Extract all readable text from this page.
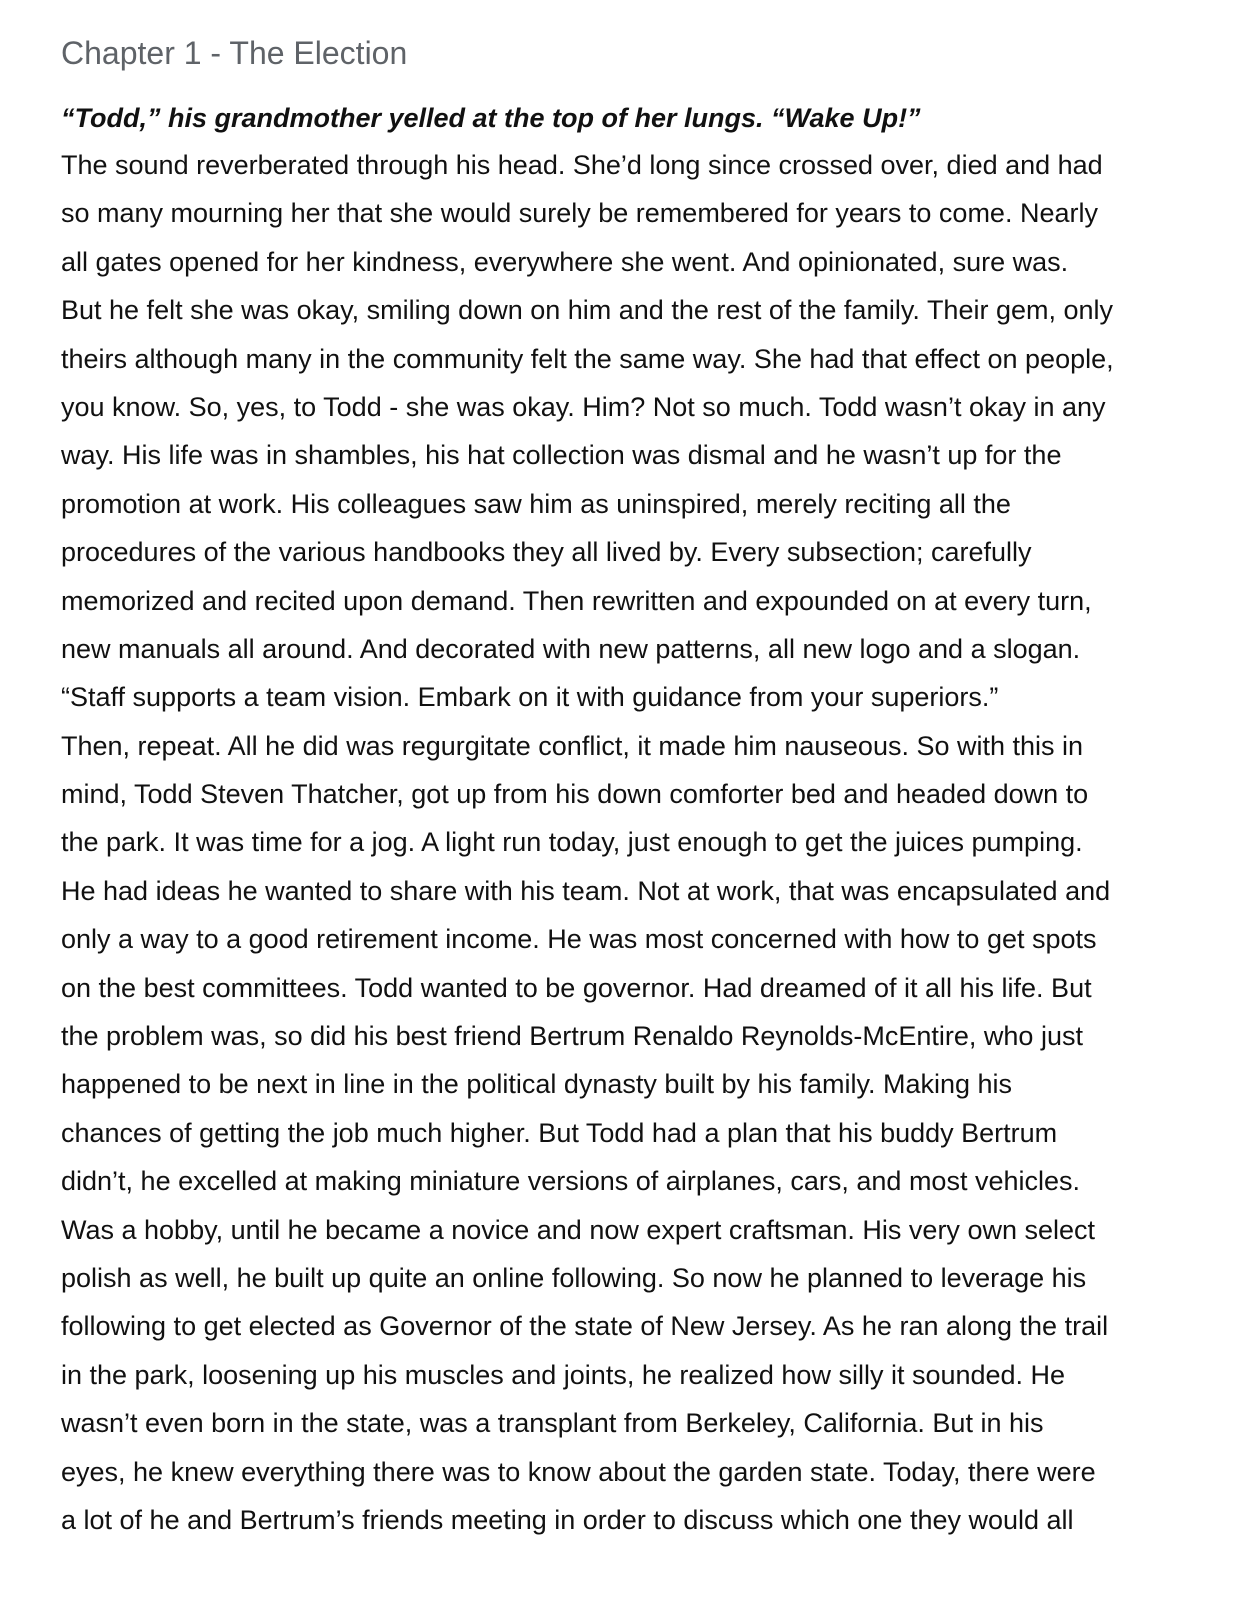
Chapter 1 - The Election

“Todd,” his grandmother yelled at the top of her lungs. “Wake Up!”

The sound reverberated through his head. She’d long since crossed over, died and had
so many mourning her that she would surely be remembered for years to come. Nearly
all gates opened for her kindness, everywhere she went. And opinionated, sure was.
But he felt she was okay, smiling down on him and the rest of the family. Their gem, only
theirs although many in the community felt the same way. She had that effect on people,
you know. So, yes, to Todd - she was okay. Him? Not so much. Todd wasn’t okay in any
way. His life was in shambles, his hat collection was dismal and he wasn’t up for the
promotion at work. His colleagues saw him as uninspired, merely reciting all the
procedures of the various handbooks they all lived by. Every subsection; carefully
memorized and recited upon demand. Then rewritten and expounded on at every turn,
new manuals all around. And decorated with new patterns, all new logo and a slogan.
“Staff supports a team vision. Embark on it with guidance from your superiors.”
Then, repeat. All he did was regurgitate conflict, it made him nauseous. So with this in
mind, Todd Steven Thatcher, got up from his down comforter bed and headed down to
the park. It was time for a jog. A light run today, just enough to get the juices pumping.
He had ideas he wanted to share with his team. Not at work, that was encapsulated and
only a way to a good retirement income. He was most concerned with how to get spots
on the best committees. Todd wanted to be governor. Had dreamed of it all his life. But
the problem was, so did his best friend Bertrum Renaldo Reynolds-McEntire, who just
happened to be next in line in the political dynasty built by his family. Making his
chances of getting the job much higher. But Todd had a plan that his buddy Bertrum
didn’t, he excelled at making miniature versions of airplanes, cars, and most vehicles.
Was a hobby, until he became a novice and now expert craftsman. His very own select
polish as well, he built up quite an online following. So now he planned to leverage his
following to get elected as Governor of the state of New Jersey. As he ran along the trail
in the park, loosening up his muscles and joints, he realized how silly it sounded. He
wasn’t even born in the state, was a transplant from Berkeley, California. But in his
eyes, he knew everything there was to know about the garden state. Today, there were
a lot of he and Bertrum’s friends meeting in order to discuss which one they would all
